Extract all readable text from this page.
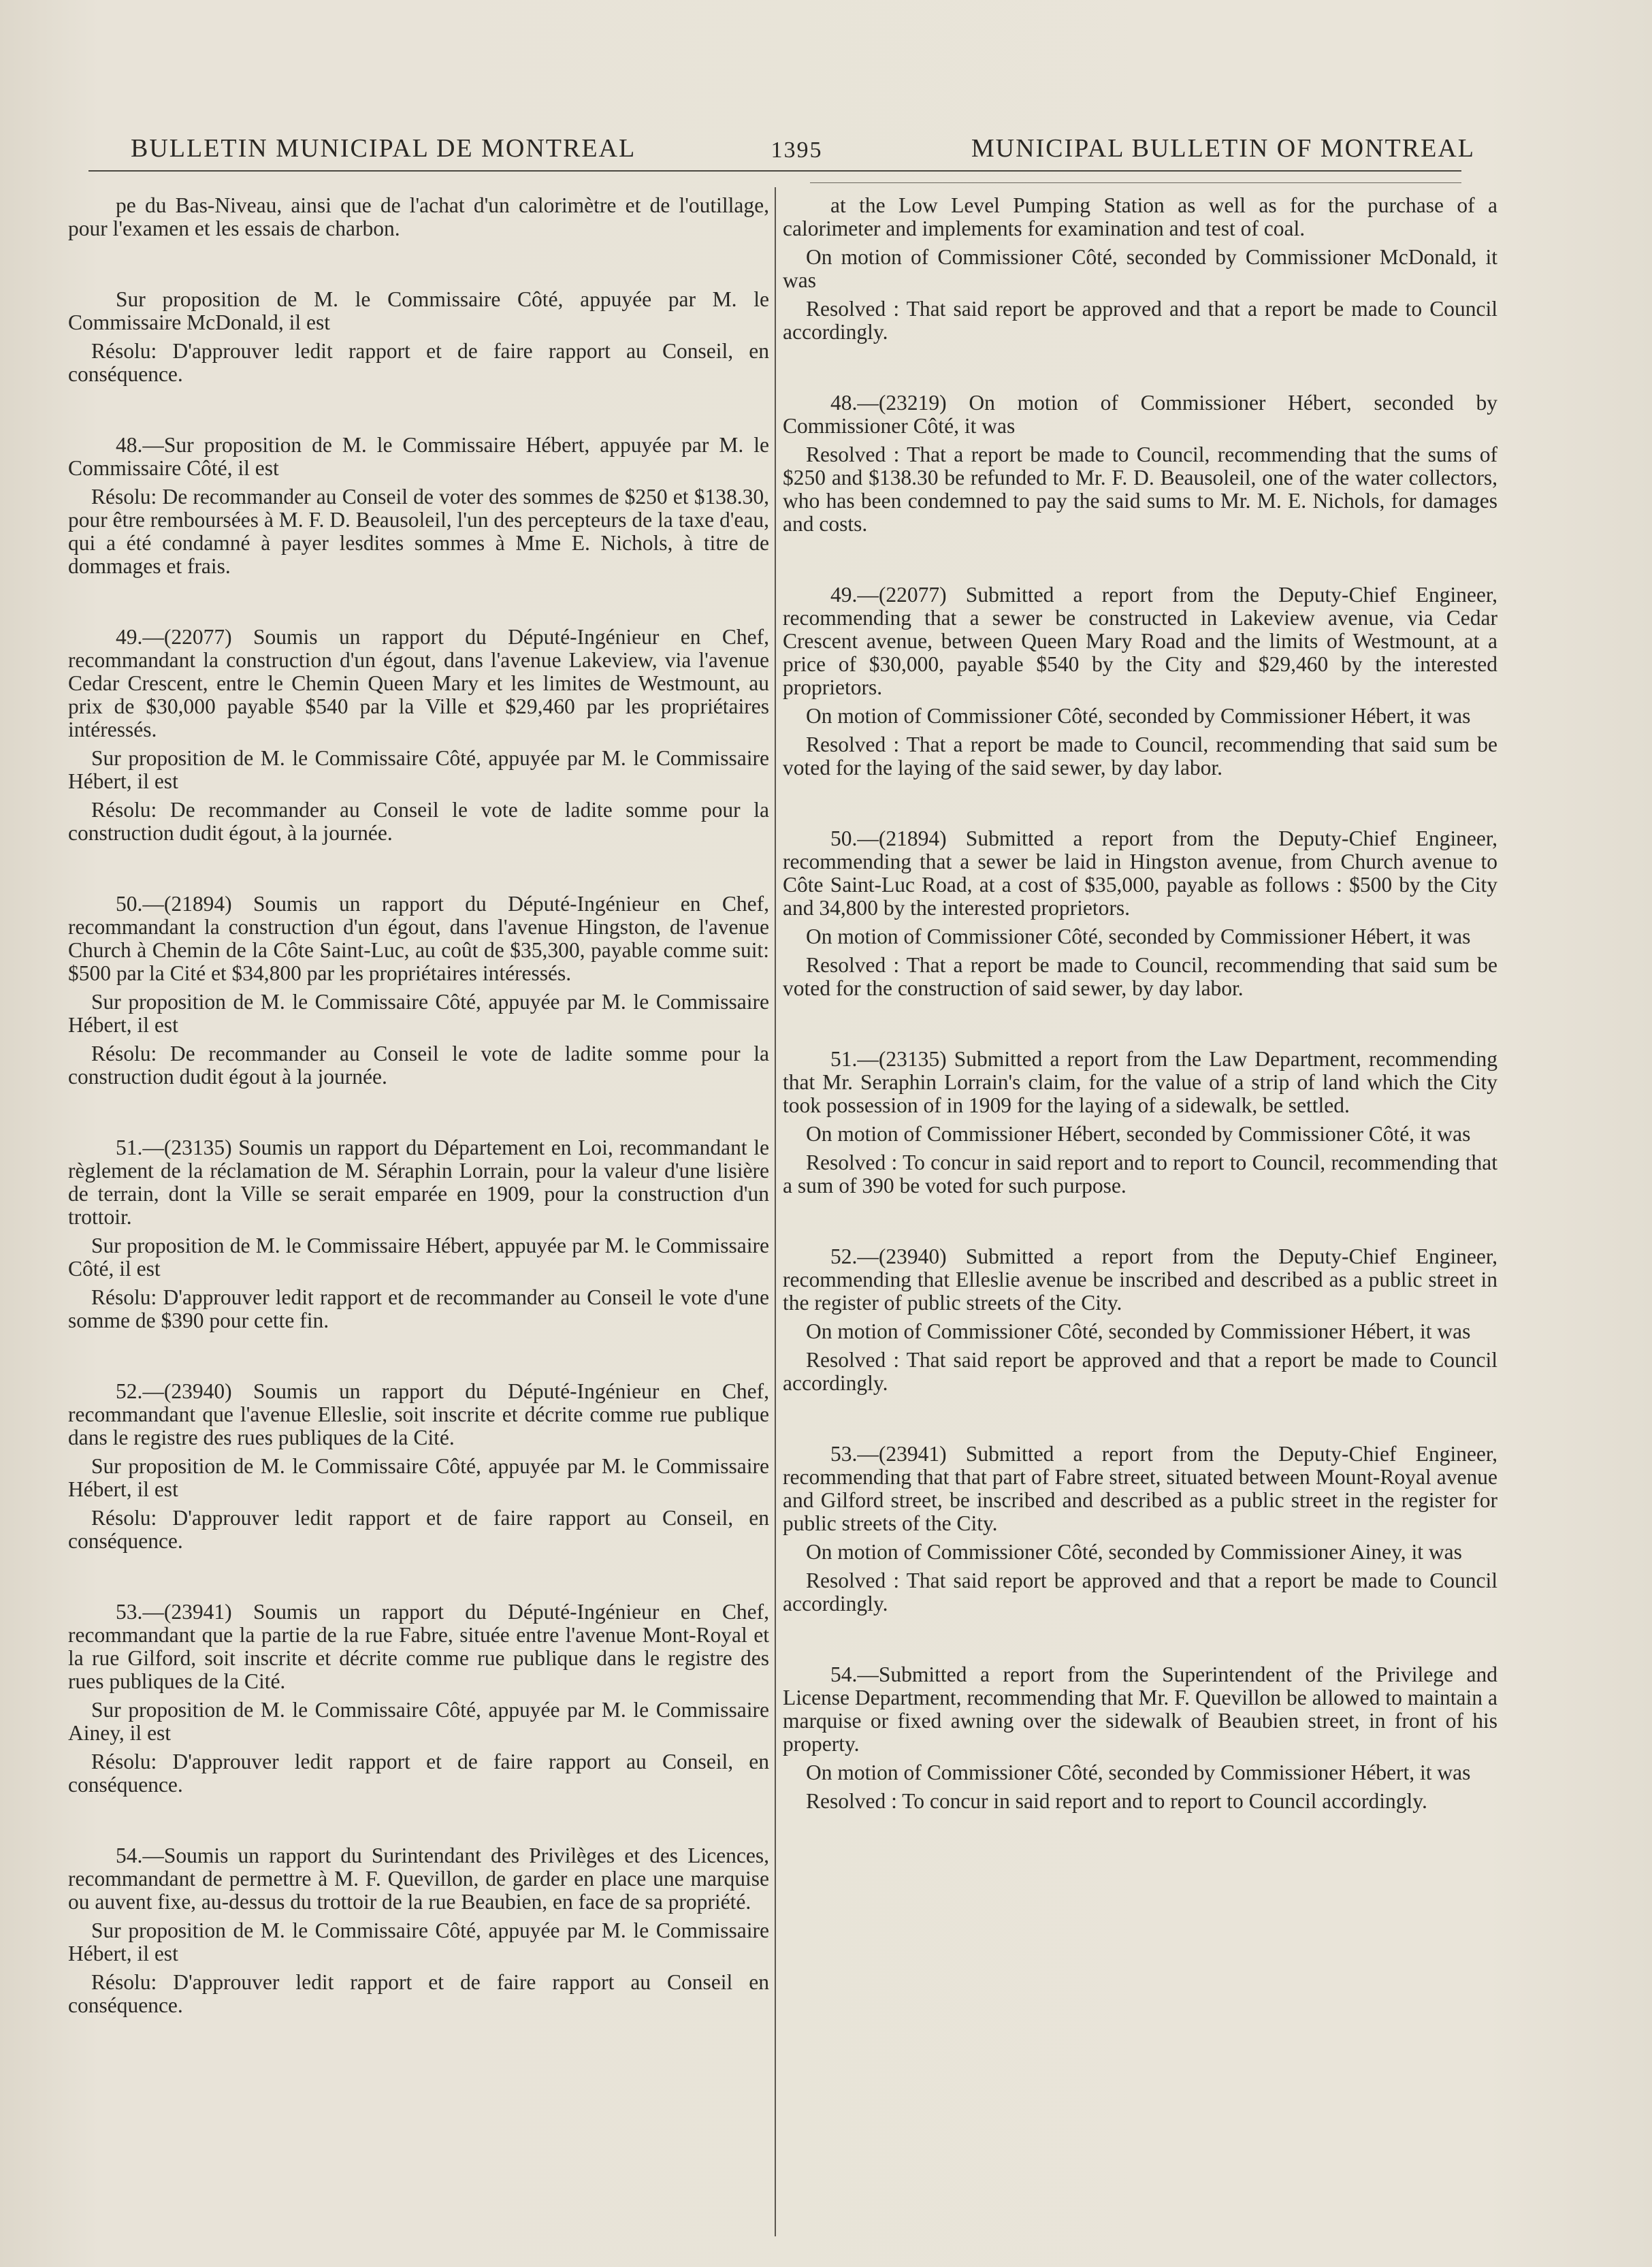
BULLETIN MUNICIPAL DE MONTREAL	1395	MUNICIPAL BULLETIN OF MONTREAL

pe du Bas-Niveau, ainsi que de l'achat d'un calorimètre et de l'outillage, pour l'examen et les essais de charbon.

Sur proposition de M. le Commissaire Côté, appuyée par M. le Commissaire McDonald, il est

Résolu: D'approuver ledit rapport et de faire rapport au Conseil, en conséquence.

48.—Sur proposition de M. le Commissaire Hébert, appuyée par M. le Commissaire Côté, il est

Résolu: De recommander au Conseil de voter des sommes de $250 et $138.30, pour être remboursées à M. F. D. Beausoleil, l'un des percepteurs de la taxe d'eau, qui a été condamné à payer lesdites sommes à Mme E. Nichols, à titre de dommages et frais.

49.—(22077) Soumis un rapport du Député-Ingénieur en Chef, recommandant la construction d'un égout, dans l'avenue Lakeview, via l'avenue Cedar Crescent, entre le Chemin Queen Mary et les limites de Westmount, au prix de $30,000 payable $540 par la Ville et $29,460 par les propriétaires intéressés.

Sur proposition de M. le Commissaire Côté, appuyée par M. le Commissaire Hébert, il est

Résolu: De recommander au Conseil le vote de ladite somme pour la construction dudit égout, à la journée.

50.—(21894) Soumis un rapport du Député-Ingénieur en Chef, recommandant la construction d'un égout, dans l'avenue Hingston, de l'avenue Church à Chemin de la Côte Saint-Luc, au coût de $35,300, payable comme suit: $500 par la Cité et $34,800 par les propriétaires intéressés.

Sur proposition de M. le Commissaire Côté, appuyée par M. le Commissaire Hébert, il est

Résolu: De recommander au Conseil le vote de ladite somme pour la construction dudit égout à la journée.

51.—(23135) Soumis un rapport du Département en Loi, recommandant le règlement de la réclamation de M. Séraphin Lorrain, pour la valeur d'une lisière de terrain, dont la Ville se serait emparée en 1909, pour la construction d'un trottoir.

Sur proposition de M. le Commissaire Hébert, appuyée par M. le Commissaire Côté, il est

Résolu: D'approuver ledit rapport et de recommander au Conseil le vote d'une somme de $390 pour cette fin.

52.—(23940) Soumis un rapport du Député-Ingénieur en Chef, recommandant que l'avenue Elleslie, soit inscrite et décrite comme rue publique dans le registre des rues publiques de la Cité.

Sur proposition de M. le Commissaire Côté, appuyée par M. le Commissaire Hébert, il est

Résolu: D'approuver ledit rapport et de faire rapport au Conseil, en conséquence.

53.—(23941) Soumis un rapport du Député-Ingénieur en Chef, recommandant que la partie de la rue Fabre, située entre l'avenue Mont-Royal et la rue Gilford, soit inscrite et décrite comme rue publique dans le registre des rues publiques de la Cité.

Sur proposition de M. le Commissaire Côté, appuyée par M. le Commissaire Ainey, il est

Résolu: D'approuver ledit rapport et de faire rapport au Conseil, en conséquence.

54.—Soumis un rapport du Surintendant des Privilèges et des Licences, recommandant de permettre à M. F. Quevillon, de garder en place une marquise ou auvent fixe, au-dessus du trottoir de la rue Beaubien, en face de sa propriété.

Sur proposition de M. le Commissaire Côté, appuyée par M. le Commissaire Hébert, il est

Résolu: D'approuver ledit rapport et de faire rapport au Conseil en conséquence.

at the Low Level Pumping Station as well as for the purchase of a calorimeter and implements for examination and test of coal.

On motion of Commissioner Côté, seconded by Commissioner McDonald, it was

Resolved : That said report be approved and that a report be made to Council accordingly.

48.—(23219) On motion of Commissioner Hébert, seconded by Commissioner Côté, it was

Resolved : That a report be made to Council, recommending that the sums of $250 and $138.30 be refunded to Mr. F. D. Beausoleil, one of the water collectors, who has been condemned to pay the said sums to Mr. M. E. Nichols, for damages and costs.

49.—(22077) Submitted a report from the Deputy-Chief Engineer, recommending that a sewer be constructed in Lakeview avenue, via Cedar Crescent avenue, between Queen Mary Road and the limits of Westmount, at a price of $30,000, payable $540 by the City and $29,460 by the interested proprietors.

On motion of Commissioner Côté, seconded by Commissioner Hébert, it was

Resolved : That a report be made to Council, recommending that said sum be voted for the laying of the said sewer, by day labor.

50.—(21894) Submitted a report from the Deputy-Chief Engineer, recommending that a sewer be laid in Hingston avenue, from Church avenue to Côte Saint-Luc Road, at a cost of $35,000, payable as follows : $500 by the City and 34,800 by the interested proprietors.

On motion of Commissioner Côté, seconded by Commissioner Hébert, it was

Resolved : That a report be made to Council, recommending that said sum be voted for the construction of said sewer, by day labor.

51.—(23135) Submitted a report from the Law Department, recommending that Mr. Seraphin Lorrain's claim, for the value of a strip of land which the City took possession of in 1909 for the laying of a sidewalk, be settled.

On motion of Commissioner Hébert, seconded by Commissioner Côté, it was

Resolved : To concur in said report and to report to Council, recommending that a sum of 390 be voted for such purpose.

52.—(23940) Submitted a report from the Deputy-Chief Engineer, recommending that Elleslie avenue be inscribed and described as a public street in the register of public streets of the City.

On motion of Commissioner Côté, seconded by Commissioner Hébert, it was

Resolved : That said report be approved and that a report be made to Council accordingly.

53.—(23941) Submitted a report from the Deputy-Chief Engineer, recommending that that part of Fabre street, situated between Mount-Royal avenue and Gilford street, be inscribed and described as a public street in the register for public streets of the City.

On motion of Commissioner Côté, seconded by Commissioner Ainey, it was

Resolved : That said report be approved and that a report be made to Council accordingly.

54.—Submitted a report from the Superintendent of the Privilege and License Department, recommending that Mr. F. Quevillon be allowed to maintain a marquise or fixed awning over the sidewalk of Beaubien street, in front of his property.

On motion of Commissioner Côté, seconded by Commissioner Hébert, it was

Resolved : To concur in said report and to report to Council accordingly.
